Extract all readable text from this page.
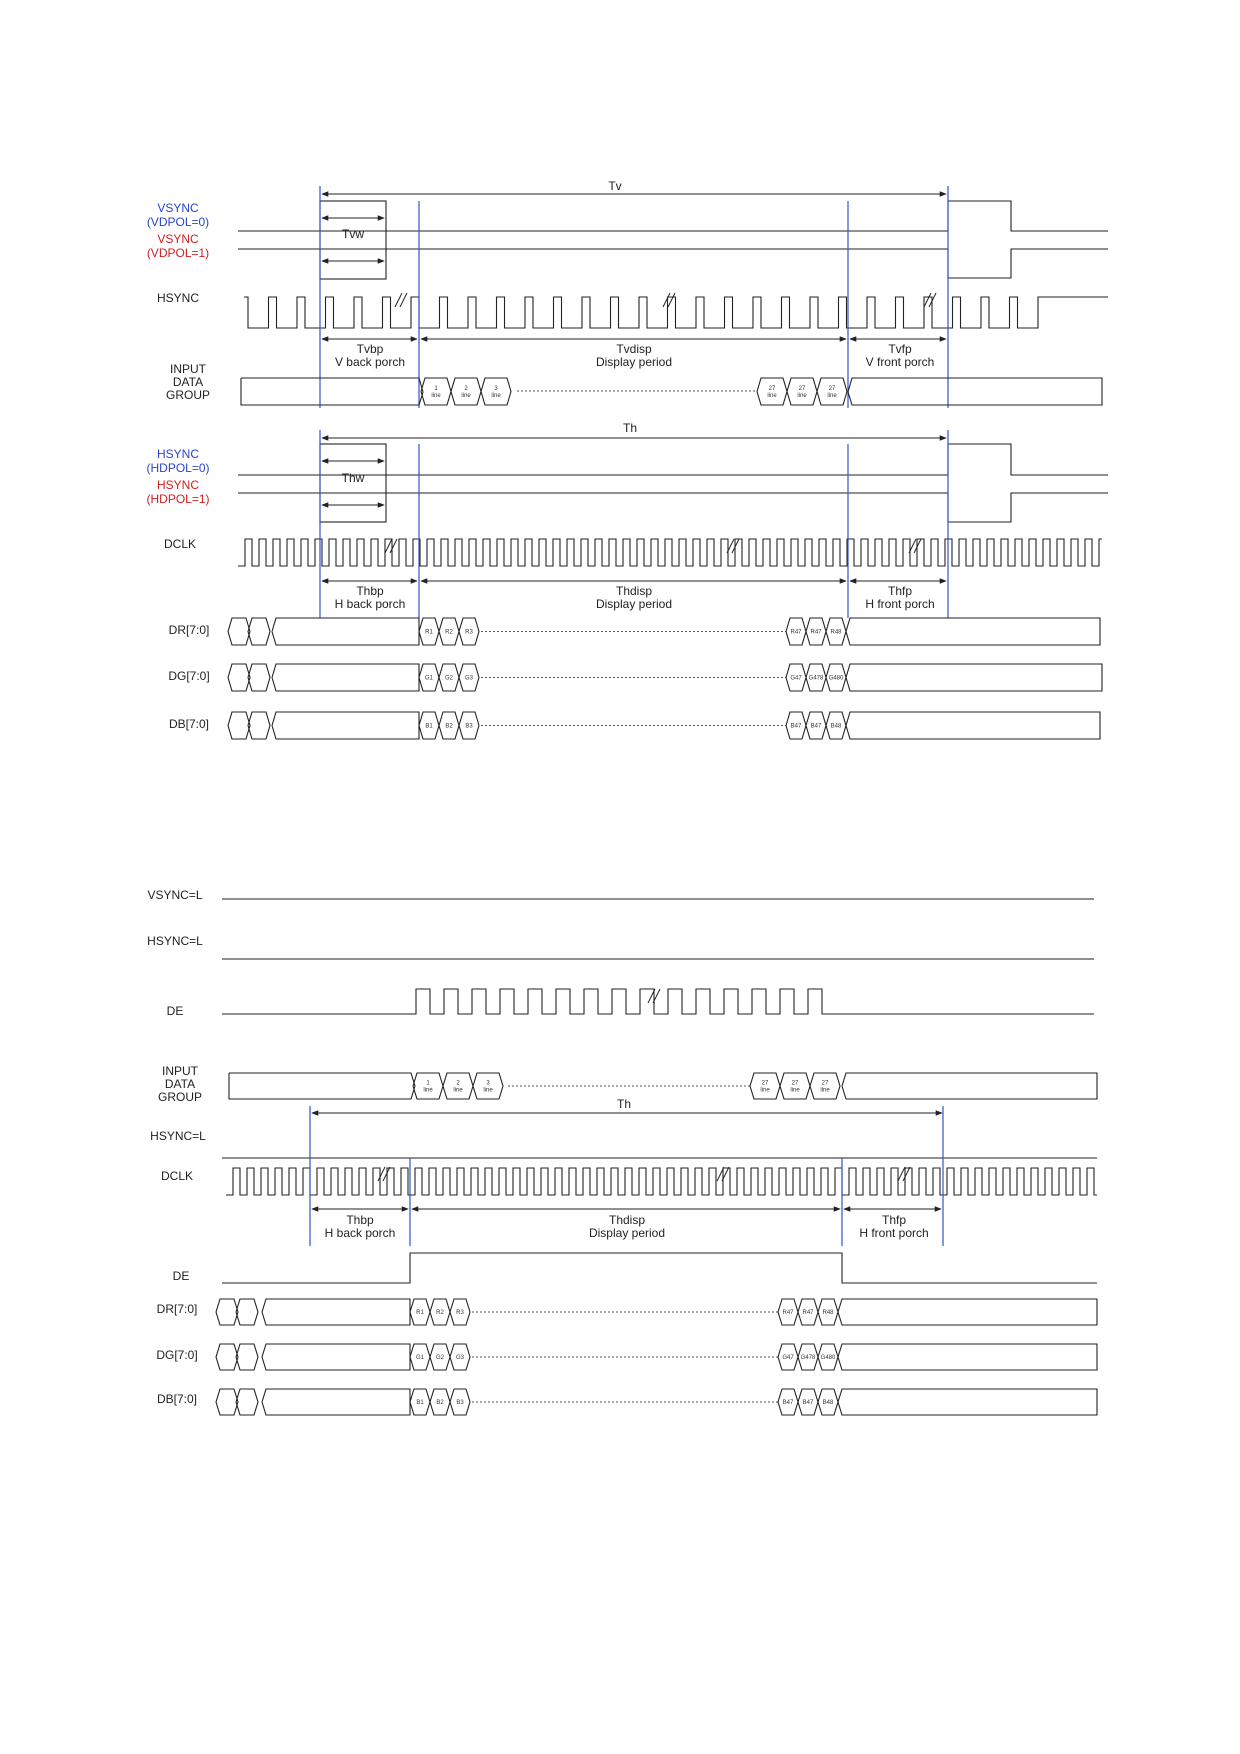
VSYNC
(VDPOL=0)
VSYNC
(VDPOL=1)
HSYNC
INPUT
DATA
GROUP
Tvw
Tv
Tvbp
V back porch
Tvdisp
Display period
Tvfp
V front porch
1
line
2
line
3
line
27
line
27
line
27
line
HSYNC
(HDPOL=0)
HSYNC
(HDPOL=1)
DCLK
DR[7:0]
DG[7:0]
DB[7:0]
Thw
Th
Thbp
H back porch
Thdisp
Display period
Thfp
H front porch
R1 R2 R3	R47 R47 R48
G1 G2 G3	G47 G478 G480
B1 B2 B3	B47 B47 B48
VSYNC=L
HSYNC=L
DE
INPUT
DATA
GROUP
1
line
2
line
3
line
27
line
27
line
27
line
Th
HSYNC=L
DCLK
Thbp
H back porch
Thdisp
Display period
Thfp
H front porch
DE
DR[7:0]
DG[7:0]
DB[7:0]
R1 R2 R3	R47 R47 R48
G1 G2 G3	G47 G478 G480
B1 B2 B3	B47 B47 B48
